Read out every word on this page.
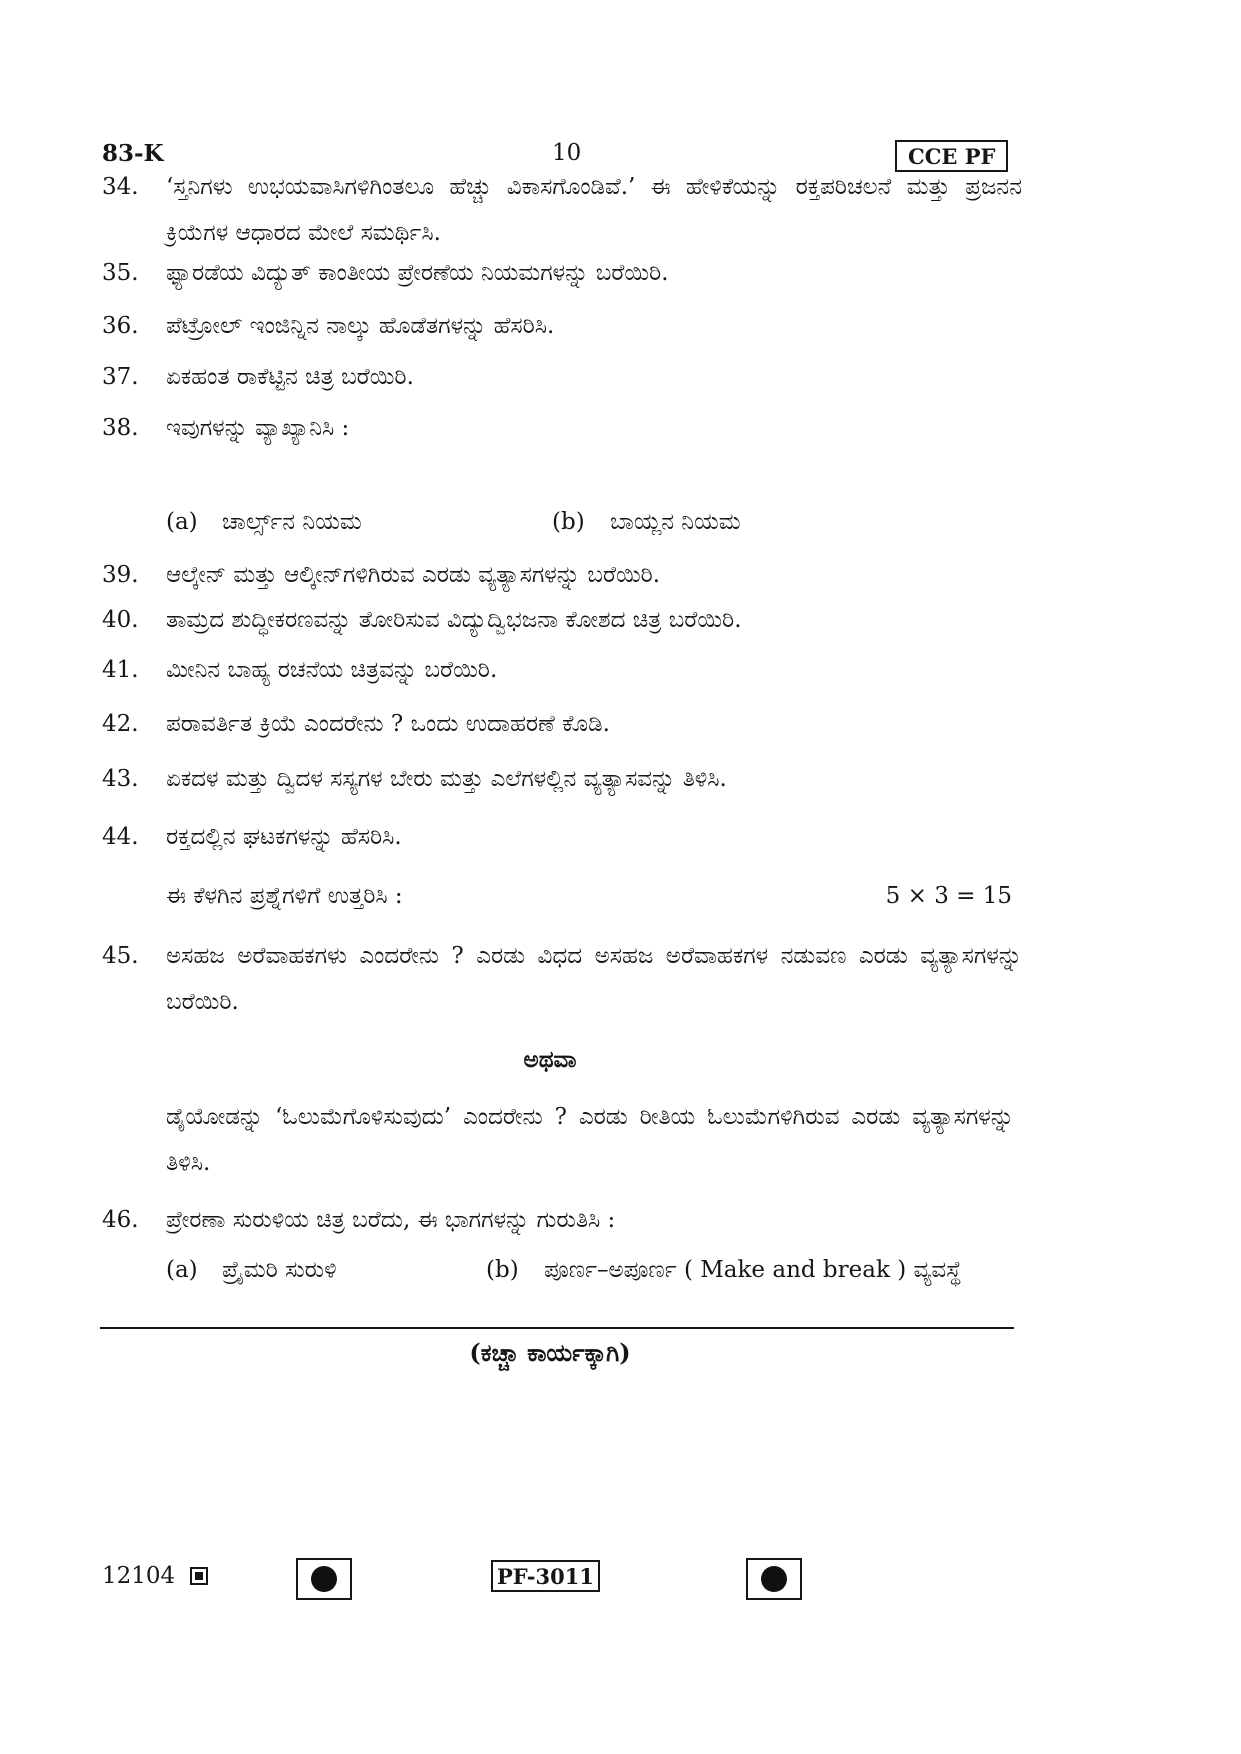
83-K	10	CCE PF
34. ‘ಸ್ತನಿಗಳು ಉಭಯವಾಸಿಗಳಿಗಿಂತಲೂ ಹೆಚ್ಚು ವಿಕಾಸಗೊಂಡಿವೆ.’ ಈ ಹೇಳಿಕೆಯನ್ನು ರಕ್ತಪರಿಚಲನೆ ಮತ್ತು ಪ್ರಜನನ ಕ್ರಿಯೆಗಳ ಆಧಾರದ ಮೇಲೆ ಸಮರ್ಥಿಸಿ.
35. ಫ್ಯಾರಡೆಯ ವಿದ್ಯುತ್ ಕಾಂತೀಯ ಪ್ರೇರಣೆಯ ನಿಯಮಗಳನ್ನು ಬರೆಯಿರಿ.
36. ಪೆಟ್ರೋಲ್ ಇಂಜಿನ್ನಿನ ನಾಲ್ಕು ಹೊಡೆತಗಳನ್ನು ಹೆಸರಿಸಿ.
37. ಏಕಹಂತ ರಾಕೆಟ್ಟಿನ ಚಿತ್ರ ಬರೆಯಿರಿ.
38. ಇವುಗಳನ್ನು ವ್ಯಾಖ್ಯಾನಿಸಿ :
(a) ಚಾರ್ಲ್ಸ್‌ನ ನಿಯಮ	(b) ಬಾಯ್ಲನ ನಿಯಮ
39. ಆಲ್ಕೇನ್ ಮತ್ತು ಆಲ್ಕೀನ್‌ಗಳಿಗಿರುವ ಎರಡು ವ್ಯತ್ಯಾಸಗಳನ್ನು ಬರೆಯಿರಿ.
40. ತಾಮ್ರದ ಶುದ್ಧೀಕರಣವನ್ನು ತೋರಿಸುವ ವಿದ್ಯುದ್ವಿಭಜನಾ ಕೋಶದ ಚಿತ್ರ ಬರೆಯಿರಿ.
41. ಮೀನಿನ ಬಾಹ್ಯ ರಚನೆಯ ಚಿತ್ರವನ್ನು ಬರೆಯಿರಿ.
42. ಪರಾವರ್ತಿತ ಕ್ರಿಯೆ ಎಂದರೇನು ? ಒಂದು ಉದಾಹರಣೆ ಕೊಡಿ.
43. ಏಕದಳ ಮತ್ತು ದ್ವಿದಳ ಸಸ್ಯಗಳ ಬೇರು ಮತ್ತು ಎಲೆಗಳಲ್ಲಿನ ವ್ಯತ್ಯಾಸವನ್ನು ತಿಳಿಸಿ.
44. ರಕ್ತದಲ್ಲಿನ ಘಟಕಗಳನ್ನು ಹೆಸರಿಸಿ.
ಈ ಕೆಳಗಿನ ಪ್ರಶ್ನೆಗಳಿಗೆ ಉತ್ತರಿಸಿ :	5 × 3 = 15
45. ಅಸಹಜ ಅರೆವಾಹಕಗಳು ಎಂದರೇನು ? ಎರಡು ವಿಧದ ಅಸಹಜ ಅರೆವಾಹಕಗಳ ನಡುವಣ ಎರಡು ವ್ಯತ್ಯಾಸಗಳನ್ನು ಬರೆಯಿರಿ.
ಅಥವಾ
ಡೈಯೋಡನ್ನು ‘ಓಲುಮೆಗೊಳಿಸುವುದು’ ಎಂದರೇನು ? ಎರಡು ರೀತಿಯ ಓಲುಮೆಗಳಿಗಿರುವ ಎರಡು ವ್ಯತ್ಯಾಸಗಳನ್ನು ತಿಳಿಸಿ.
46. ಪ್ರೇರಣಾ ಸುರುಳಿಯ ಚಿತ್ರ ಬರೆದು, ಈ ಭಾಗಗಳನ್ನು ಗುರುತಿಸಿ :
(a) ಪ್ರೈಮರಿ ಸುರುಳಿ	(b) ಪೂರ್ಣ–ಅಪೂರ್ಣ ( Make and break ) ವ್ಯವಸ್ಥೆ
(ಕಚ್ಚಾ ಕಾರ್ಯಕ್ಕಾಗಿ)
12104	PF-3011
